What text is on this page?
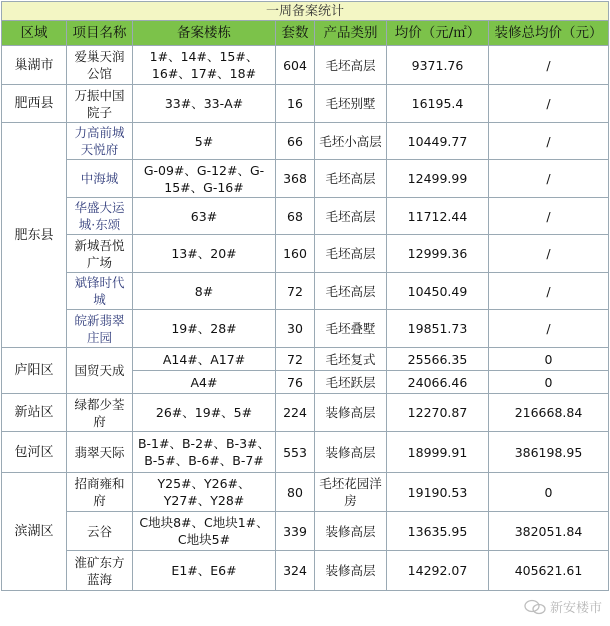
一周备案统计						
区域	项目名称	备案楼栋	套数	产品类别	均价（元/㎡）	装修总均价（元）
巢湖市	爱巢天润公馆	1#、14#、15#、16#、17#、18#	604	毛坯高层	9371.76	/
肥西县	万振中国院子	33#、33-A#	16	毛坯别墅	16195.4	/
肥东县	力高前城天悦府	5#	66	毛坯小高层	10449.77	/
	中海城	G-09#、G-12#、G-15#、G-16#	368	毛坯高层	12499.99	/
	华盛大运城·东颂	63#	68	毛坯高层	11712.44	/
	新城吾悦广场	13#、20#	160	毛坯高层	12999.36	/
	斌锋时代城	8#	72	毛坯高层	10450.49	/
	皖新翡翠庄园	19#、28#	30	毛坯叠墅	19851.73	/
庐阳区	国贸天成	A14#、A17#	72	毛坯复式	25566.35	0
		A4#	76	毛坯跃层	24066.46	0
新站区	绿都少荃府	26#、19#、5#	224	装修高层	12270.87	216668.84
包河区	翡翠天际	B-1#、B-2#、B-3#、B-5#、B-6#、B-7#	553	装修高层	18999.91	386198.95
滨湖区	招商雍和府	Y25#、Y26#、Y27#、Y28#	80	毛坯花园洋房	19190.53	0
	云谷	C地块8#、C地块1#、C地块5#	339	装修高层	13635.95	382051.84
	淮矿东方蓝海	E1#、E6#	324	装修高层	14292.07	405621.61
新安楼市
